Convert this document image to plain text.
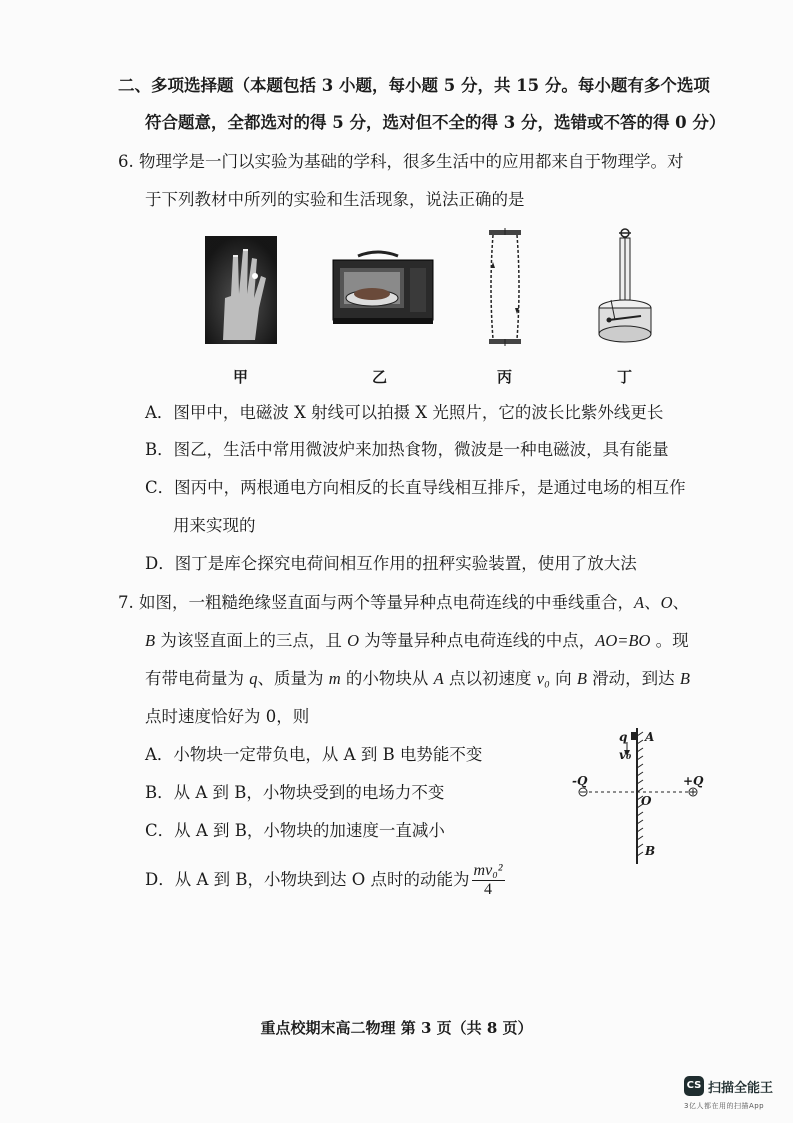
二、多项选择题（本题包括 3 小题，每小题 5 分，共 15 分。每小题有多个选项
符合题意，全都选对的得 5 分，选对但不全的得 3 分，选错或不答的得 0 分）
6. 物理学是一门以实验为基础的学科，很多生活中的应用都来自于物理学。对
于下列教材中所列的实验和生活现象，说法正确的是
甲	乙	丙	丁
A．图甲中，电磁波 X 射线可以拍摄 X 光照片，它的波长比紫外线更长
B．图乙，生活中常用微波炉来加热食物，微波是一种电磁波，具有能量
C．图丙中，两根通电方向相反的长直导线相互排斥，是通过电场的相互作
用来实现的
D．图丁是库仑探究电荷间相互作用的扭秤实验装置，使用了放大法
7. 如图，一粗糙绝缘竖直面与两个等量异种点电荷连线的中垂线重合，A、O、
B 为该竖直面上的三点，且 O 为等量异种点电荷连线的中点，AO=BO 。现
有带电荷量为 q、质量为 m 的小物块从 A 点以初速度 v₀ 向 B 滑动，到达 B
点时速度恰好为 0，则
A．小物块一定带负电，从 A 到 B 电势能不变
B．从 A 到 B，小物块受到的电场力不变
C．从 A 到 B，小物块的加速度一直减小
D．从 A 到 B，小物块到达 O 点时的动能为 $\frac{\text{mv₀²}}{4}$
q A
v₀
-Q	+Q
O
B
重点校期末高二物理 第 3 页（共 8 页）
CS 扫描全能王
3亿人都在用的扫描App
